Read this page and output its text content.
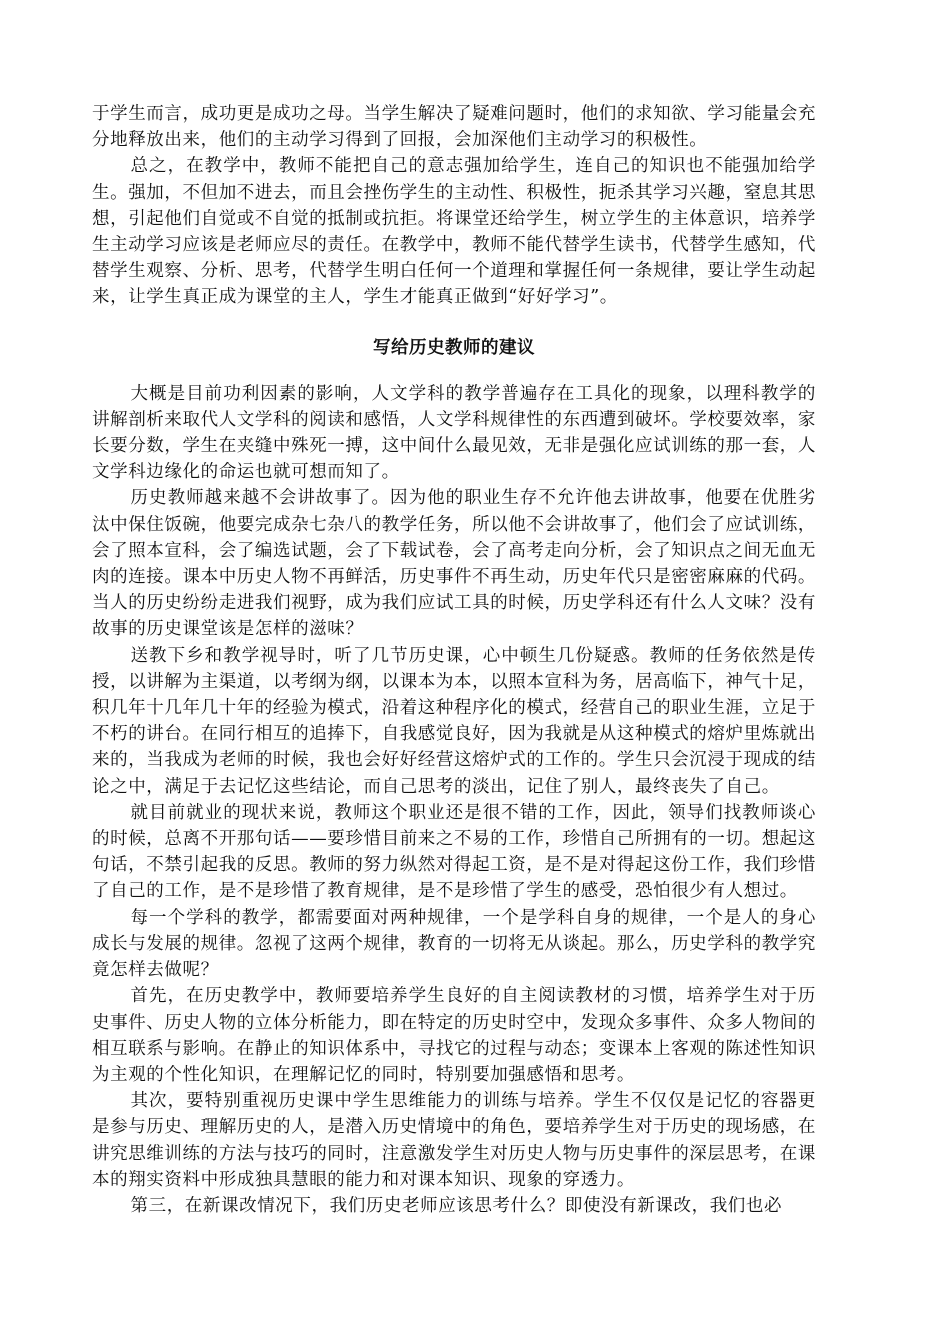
于学生而言，成功更是成功之母。当学生解决了疑难问题时，他们的求知欲、学习能量会充分地释放出来，他们的主动学习得到了回报，会加深他们主动学习的积极性。

总之，在教学中，教师不能把自己的意志强加给学生，连自己的知识也不能强加给学生。强加，不但加不进去，而且会挫伤学生的主动性、积极性，扼杀其学习兴趣，窒息其思想，引起他们自觉或不自觉的抵制或抗拒。将课堂还给学生，树立学生的主体意识，培养学生主动学习应该是老师应尽的责任。在教学中，教师不能代替学生读书，代替学生感知，代替学生观察、分析、思考，代替学生明白任何一个道理和掌握任何一条规律，要让学生动起来，让学生真正成为课堂的主人，学生才能真正做到“好好学习”。

写给历史教师的建议

大概是目前功利因素的影响，人文学科的教学普遍存在工具化的现象，以理科教学的讲解剖析来取代人文学科的阅读和感悟，人文学科规律性的东西遭到破坏。学校要效率，家长要分数，学生在夹缝中殊死一搏，这中间什么最见效，无非是强化应试训练的那一套，人文学科边缘化的命运也就可想而知了。

历史教师越来越不会讲故事了。因为他的职业生存不允许他去讲故事，他要在优胜劣汰中保住饭碗，他要完成杂七杂八的教学任务，所以他不会讲故事了，他们会了应试训练，会了照本宣科，会了编选试题，会了下载试卷，会了高考走向分析，会了知识点之间无血无肉的连接。课本中历史人物不再鲜活，历史事件不再生动，历史年代只是密密麻麻的代码。当人的历史纷纷走进我们视野，成为我们应试工具的时候，历史学科还有什么人文味？没有故事的历史课堂该是怎样的滋味？

送教下乡和教学视导时，听了几节历史课，心中顿生几份疑惑。教师的任务依然是传授，以讲解为主渠道，以考纲为纲，以课本为本，以照本宣科为务，居高临下，神气十足，积几年十几年几十年的经验为模式，沿着这种程序化的模式，经营自己的职业生涯，立足于不朽的讲台。在同行相互的追捧下，自我感觉良好，因为我就是从这种模式的熔炉里炼就出来的，当我成为老师的时候，我也会好好经营这熔炉式的工作的。学生只会沉浸于现成的结论之中，满足于去记忆这些结论，而自己思考的淡出，记住了别人，最终丧失了自己。

就目前就业的现状来说，教师这个职业还是很不错的工作，因此，领导们找教师谈心的时候，总离不开那句话——要珍惜目前来之不易的工作，珍惜自己所拥有的一切。想起这句话，不禁引起我的反思。教师的努力纵然对得起工资，是不是对得起这份工作，我们珍惜了自己的工作，是不是珍惜了教育规律，是不是珍惜了学生的感受，恐怕很少有人想过。

每一个学科的教学，都需要面对两种规律，一个是学科自身的规律，一个是人的身心成长与发展的规律。忽视了这两个规律，教育的一切将无从谈起。那么，历史学科的教学究竟怎样去做呢？

首先，在历史教学中，教师要培养学生良好的自主阅读教材的习惯，培养学生对于历史事件、历史人物的立体分析能力，即在特定的历史时空中，发现众多事件、众多人物间的相互联系与影响。在静止的知识体系中，寻找它的过程与动态；变课本上客观的陈述性知识为主观的个性化知识，在理解记忆的同时，特别要加强感悟和思考。

其次，要特别重视历史课中学生思维能力的训练与培养。学生不仅仅是记忆的容器更是参与历史、理解历史的人，是潜入历史情境中的角色，要培养学生对于历史的现场感，在讲究思维训练的方法与技巧的同时，注意激发学生对历史人物与历史事件的深层思考，在课本的翔实资料中形成独具慧眼的能力和对课本知识、现象的穿透力。

第三，在新课改情况下，我们历史老师应该思考什么？即使没有新课改，我们也必
